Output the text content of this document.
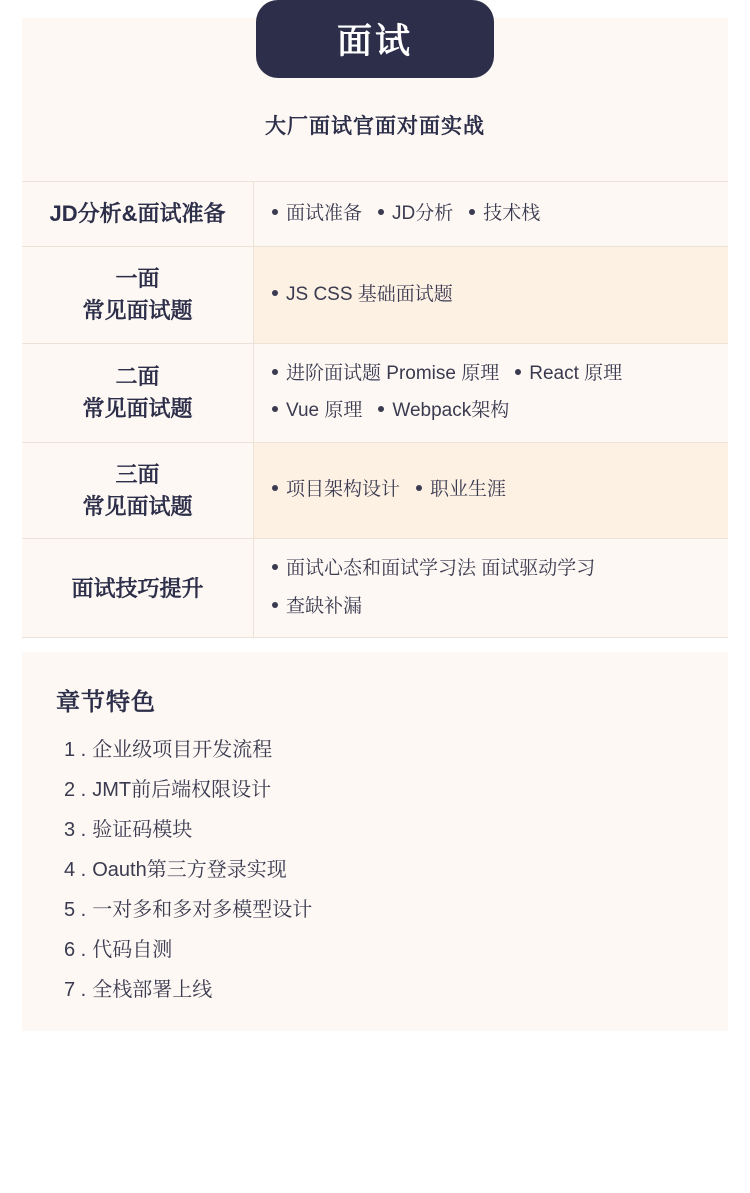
面试
大厂面试官面对面实战
JD分析&面试准备	面试准备 JD分析 技术栈
一面
常见面试题
JS CSS 基础面试题
二面
常见面试题
进阶面试题 Promise 原理 React 原理
Vue 原理 Webpack架构
三面
常见面试题
项目架构设计 职业生涯
面试技巧提升
面试心态和面试学习法 面试驱动学习
查缺补漏
章节特色
1 . 企业级项目开发流程
2 . JMT前后端权限设计
3 . 验证码模块
4 . Oauth第三方登录实现
5 . 一对多和多对多模型设计
6 . 代码自测
7 . 全栈部署上线
